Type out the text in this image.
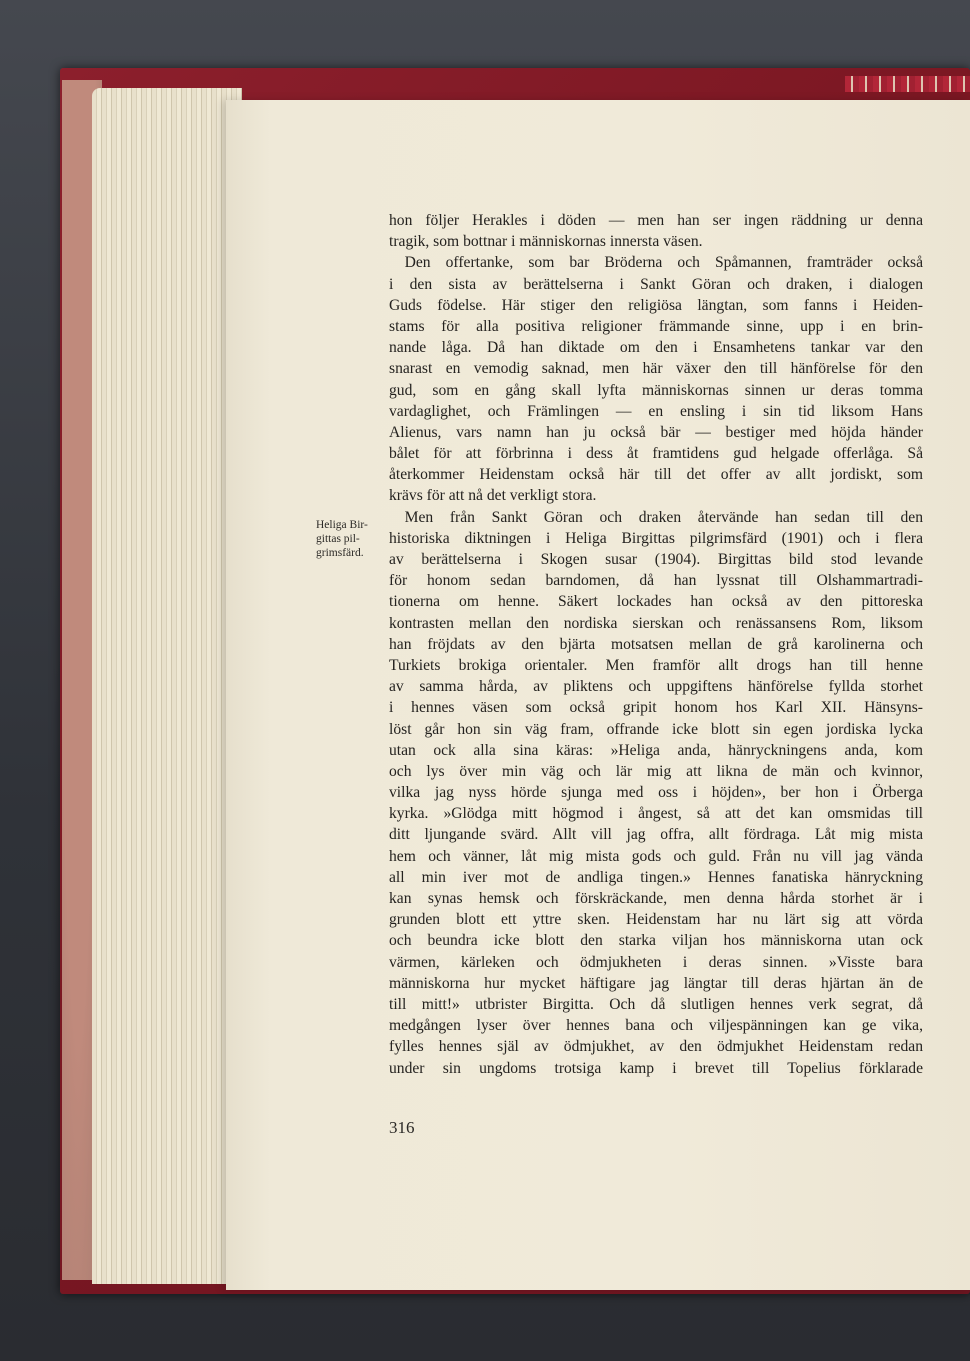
Heliga Bir-
gittas pil-
grimsfärd.
hon följer Herakles i döden — men han ser ingen räddning ur denna
tragik, som bottnar i människornas innersta väsen.
 Den offertanke, som bar Bröderna och Spåmannen, framträder också
i den sista av berättelserna i Sankt Göran och draken, i dialogen
Guds födelse. Här stiger den religiösa längtan, som fanns i Heiden-
stams för alla positiva religioner främmande sinne, upp i en brin-
nande låga. Då han diktade om den i Ensamhetens tankar var den
snarast en vemodig saknad, men här växer den till hänförelse för den
gud, som en gång skall lyfta människornas sinnen ur deras tomma
vardaglighet, och Främlingen — en ensling i sin tid liksom Hans
Alienus, vars namn han ju också bär — bestiger med höjda händer
bålet för att förbrinna i dess åt framtidens gud helgade offerlåga. Så
återkommer Heidenstam också här till det offer av allt jordiskt, som
krävs för att nå det verkligt stora.
 Men från Sankt Göran och draken återvände han sedan till den
historiska diktningen i Heliga Birgittas pilgrimsfärd (1901) och i flera
av berättelserna i Skogen susar (1904). Birgittas bild stod levande
för honom sedan barndomen, då han lyssnat till Olshammartradi-
tionerna om henne. Säkert lockades han också av den pittoreska
kontrasten mellan den nordiska sierskan och renässansens Rom, liksom
han fröjdats av den bjärta motsatsen mellan de grå karolinerna och
Turkiets brokiga orientaler. Men framför allt drogs han till henne
av samma hårda, av pliktens och uppgiftens hänförelse fyllda storhet
i hennes väsen som också gripit honom hos Karl XII. Hänsyns-
löst går hon sin väg fram, offrande icke blott sin egen jordiska lycka
utan ock alla sina käras: »Heliga anda, hänryckningens anda, kom
och lys över min väg och lär mig att likna de män och kvinnor,
vilka jag nyss hörde sjunga med oss i höjden», ber hon i Örberga
kyrka. »Glödga mitt högmod i ångest, så att det kan omsmidas till
ditt ljungande svärd. Allt vill jag offra, allt fördraga. Låt mig mista
hem och vänner, låt mig mista gods och guld. Från nu vill jag vända
all min iver mot de andliga tingen.» Hennes fanatiska hänryckning
kan synas hemsk och förskräckande, men denna hårda storhet är i
grunden blott ett yttre sken. Heidenstam har nu lärt sig att vörda
och beundra icke blott den starka viljan hos människorna utan ock
värmen, kärleken och ödmjukheten i deras sinnen. »Visste bara
människorna hur mycket häftigare jag längtar till deras hjärtan än de
till mitt!» utbrister Birgitta. Och då slutligen hennes verk segrat, då
medgången lyser över hennes bana och viljespänningen kan ge vika,
fylles hennes själ av ödmjukhet, av den ödmjukhet Heidenstam redan
under sin ungdoms trotsiga kamp i brevet till Topelius förklarade
316
